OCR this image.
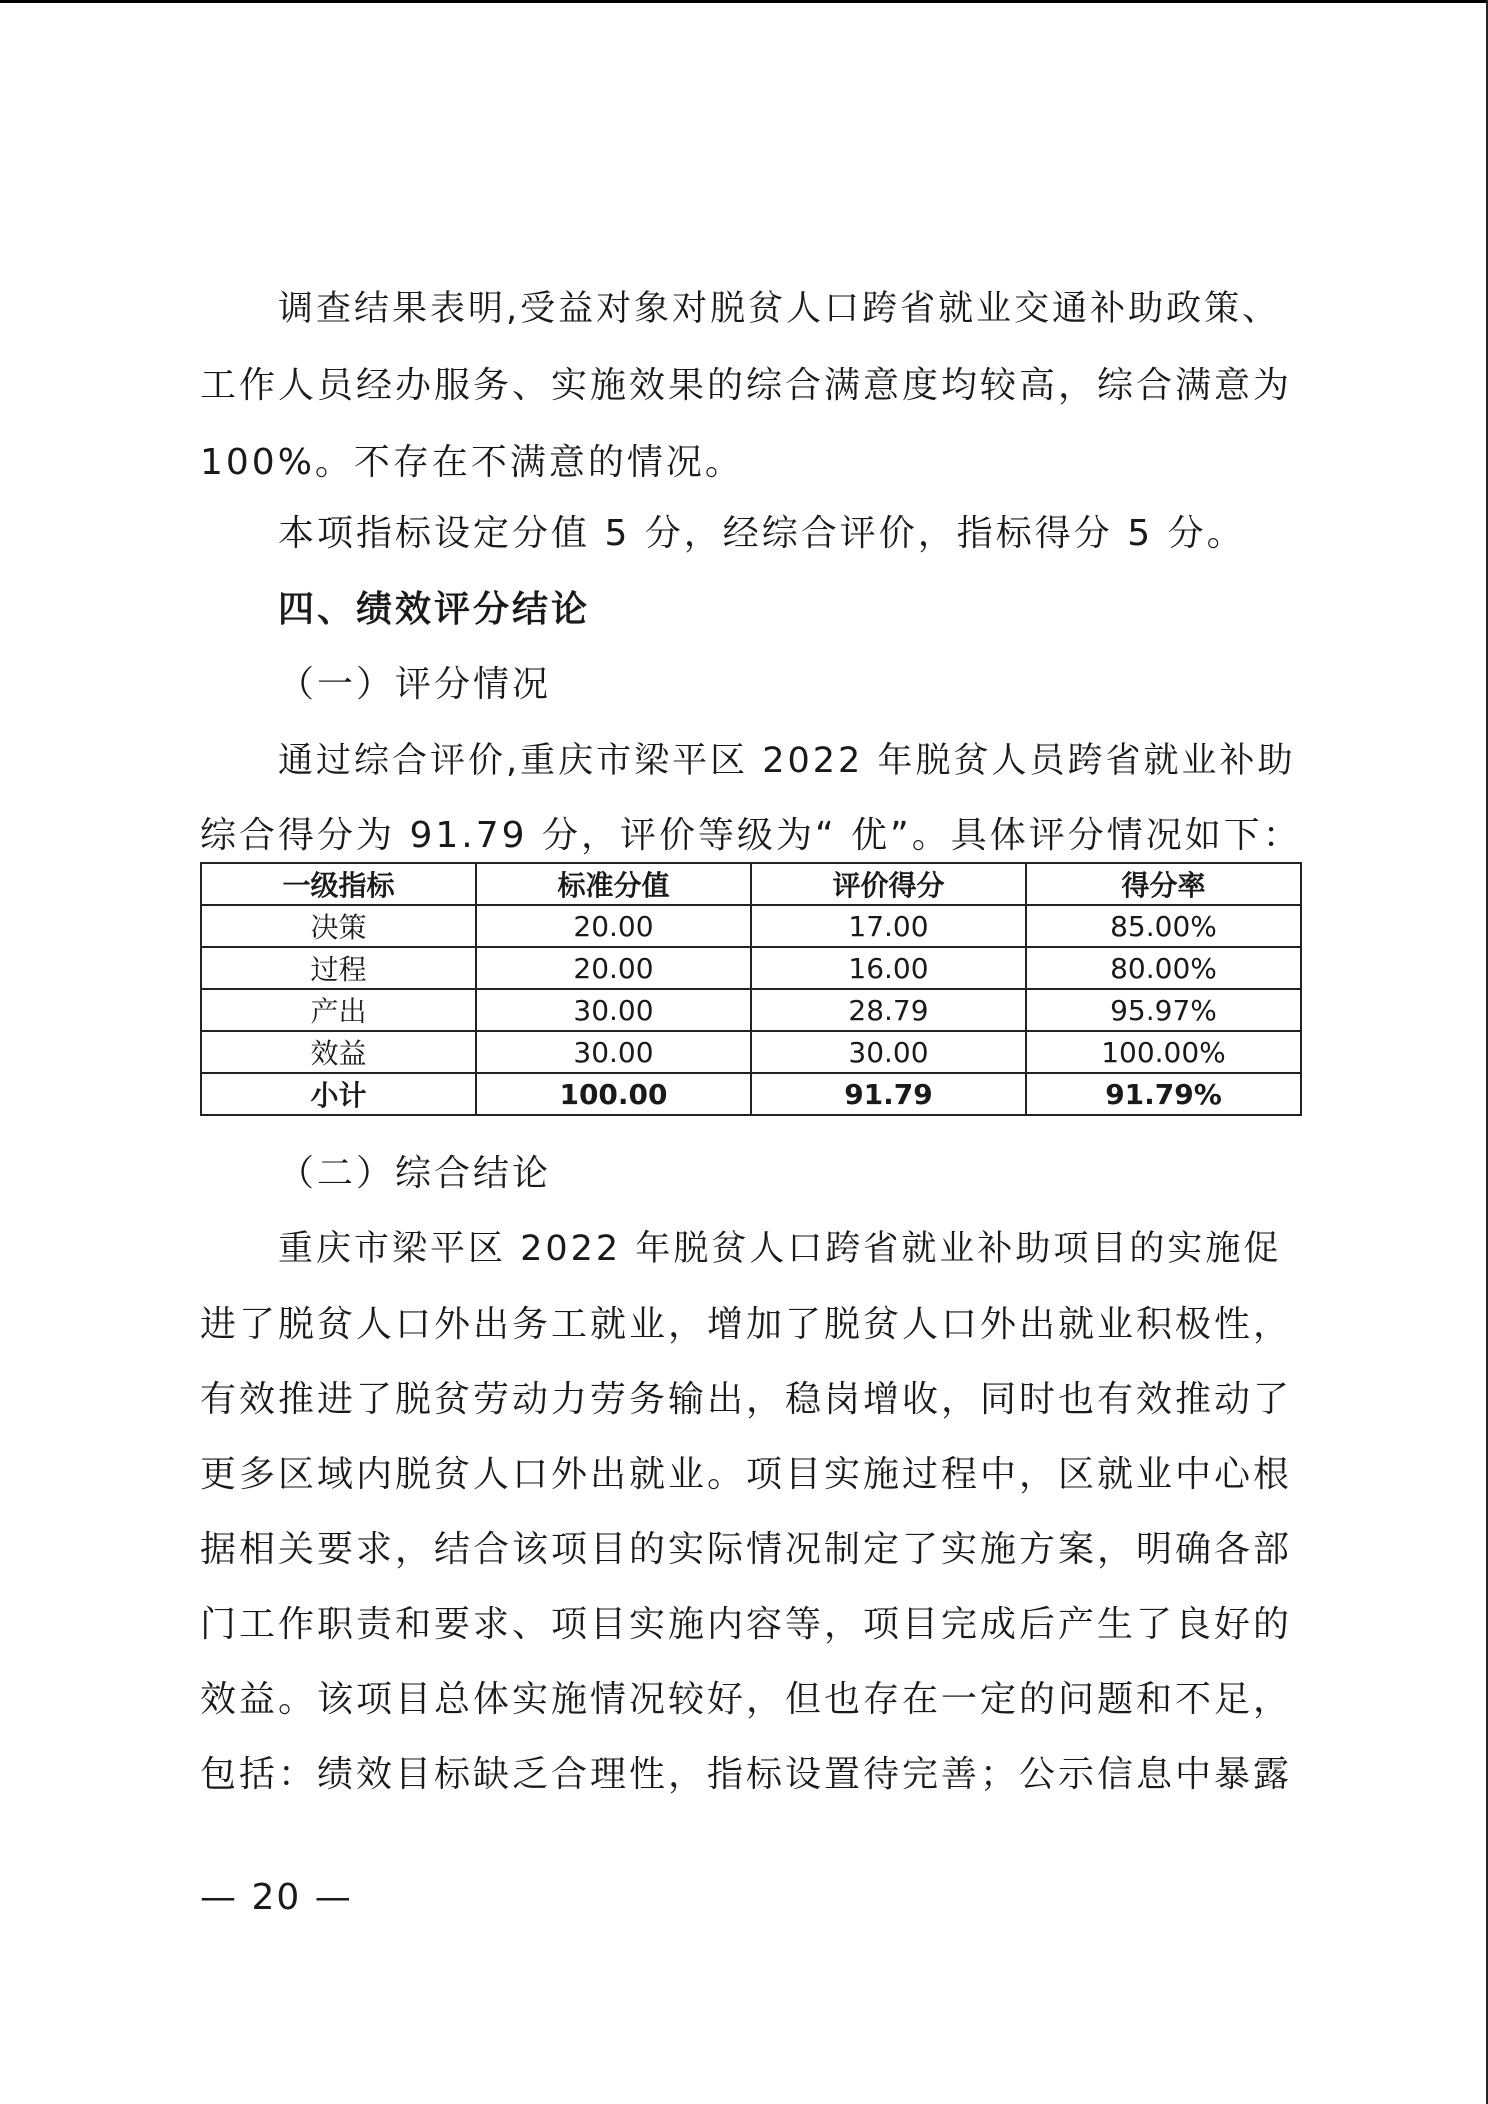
调查结果表明,受益对象对脱贫人口跨省就业交通补助政策、

工作人员经办服务、实施效果的综合满意度均较高，综合满意为

100%。不存在不满意的情况。

本项指标设定分值 5 分，经综合评价，指标得分 5 分。

四、绩效评分结论

（一）评分情况

通过综合评价,重庆市梁平区 2022 年脱贫人员跨省就业补助

综合得分为 91.79 分，评价等级为“ 优”。具体评分情况如下：

一级指标	标准分值	评价得分	得分率
决策	20.00	17.00	85.00%
过程	20.00	16.00	80.00%
产出	30.00	28.79	95.97%
效益	30.00	30.00	100.00%
小计	100.00	91.79	91.79%

（二）综合结论

重庆市梁平区 2022 年脱贫人口跨省就业补助项目的实施促

进了脱贫人口外出务工就业，增加了脱贫人口外出就业积极性，

有效推进了脱贫劳动力劳务输出，稳岗增收，同时也有效推动了

更多区域内脱贫人口外出就业。项目实施过程中，区就业中心根

据相关要求，结合该项目的实际情况制定了实施方案，明确各部

门工作职责和要求、项目实施内容等，项目完成后产生了良好的

效益。该项目总体实施情况较好，但也存在一定的问题和不足，

包括：绩效目标缺乏合理性，指标设置待完善；公示信息中暴露

— 20 —
